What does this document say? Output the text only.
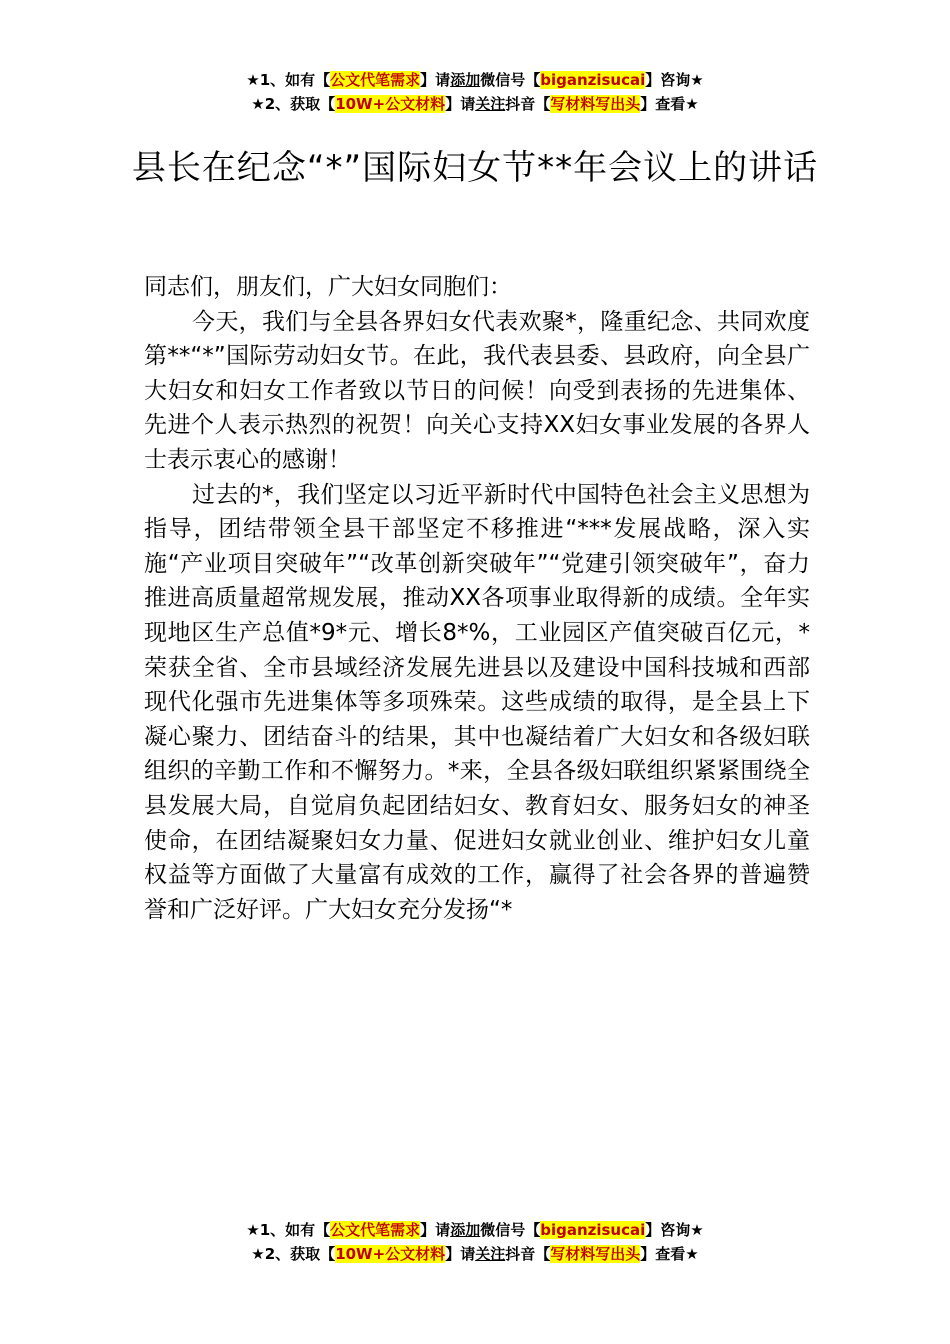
★1、如有【公文代笔需求】请添加微信号【biganzisucai】咨询★
★2、获取【10W+公文材料】请关注抖音【写材料写出头】查看★
县长在纪念“*”国际妇女节**年会议上的讲话

同志们，朋友们，广大妇女同胞们：

今天，我们与全县各界妇女代表欢聚*，隆重纪念、共同欢度第**“*”国际劳动妇女节。在此，我代表县委、县政府，向全县广大妇女和妇女工作者致以节日的问候！向受到表扬的先进集体、先进个人表示热烈的祝贺！向关心支持XX妇女事业发展的各界人士表示衷心的感谢！

过去的*，我们坚定以习近平新时代中国特色社会主义思想为指导，团结带领全县干部坚定不移推进“***发展战略，深入实施“产业项目突破年”“改革创新突破年”“党建引领突破年”，奋力推进高质量超常规发展，推动XX各项事业取得新的成绩。全年实现地区生产总值*9*元、增长8*%，工业园区产值突破百亿元，*荣获全省、全市县域经济发展先进县以及建设中国科技城和西部现代化强市先进集体等多项殊荣。这些成绩的取得，是全县上下凝心聚力、团结奋斗的结果，其中也凝结着广大妇女和各级妇联组织的辛勤工作和不懈努力。*来，全县各级妇联组织紧紧围绕全县发展大局，自觉肩负起团结妇女、教育妇女、服务妇女的神圣使命，在团结凝聚妇女力量、促进妇女就业创业、维护妇女儿童权益等方面做了大量富有成效的工作，赢得了社会各界的普遍赞誉和广泛好评。广大妇女充分发扬“*

★1、如有【公文代笔需求】请添加微信号【biganzisucai】咨询★
★2、获取【10W+公文材料】请关注抖音【写材料写出头】查看★
